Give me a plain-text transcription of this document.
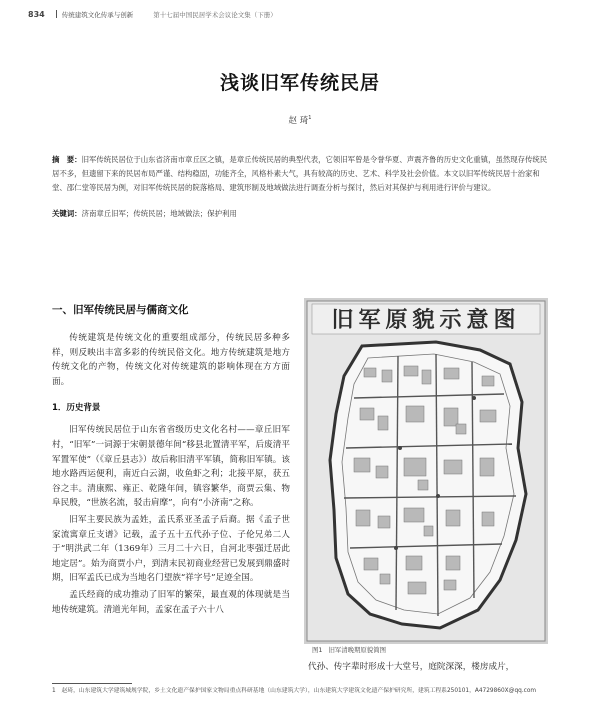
834	传统建筑文化传承与创新	第十七届中国民居学术会议论文集（下册）
浅谈旧军传统民居
赵 琦$^1$
摘　要：旧军传统民居位于山东省济南市章丘区之镇，是章丘传统民居的典型代表，它领旧军曾是令誉华夏、声震齐鲁的历史文化重镇，虽然现存传统民居不多，但遗留下来的民居布局严谨、结构稳固，功能齐全，风格朴素大气，具有较高的历史、艺术、科学及社会价值。本文以旧军传统民居十治家和堂、邵仁堂等民居为例，对旧军传统民居的院落格局、建筑形制及地域做法进行调查分析与探讨，然后对其保护与利用进行评价与建议。
关键词：济南章丘旧军；传统民居；地域做法；保护利用
一、旧军传统民居与儒商文化

传统建筑是传统文化的重要组成部分，传统民居多种多样，则反映出丰富多彩的传统民俗文化。地方传统建筑是地方传统文化的产物，传统文化对传统建筑的影响体现在方方面面。

1．历史背景

旧军传统民居位于山东省省级历史文化名村——章丘旧军村，“旧军”一词源于宋朝景德年间“移县北置清平军，后废清平军置军使”（《章丘县志》）故后称旧清平军镇，简称旧军镇。该地水路西运便利，南近白云湖，收鱼虾之利；北接平原，获五谷之丰。清康熙、雍正、乾隆年间，镇容繁华，商贾云集、物阜民殷，“世族名流，驳击肩摩”，向有“小济南”之称。

旧军主要民族为孟姓，孟氏系亚圣孟子后裔。据《孟子世家流寓章丘支谱》记载，孟子五十五代孙子位、子伦兄弟二人于“明洪武二年（1369年）三月二十六日，自河北枣强迁居此地定居”。始为商贾小户，到清末民初商业经营已发展到鼎盛时期，旧军孟氏已成为当地名门望族“祥字号”足迹全国。

孟氏经商的成功推动了旧军的繁荣，最直观的体现就是当地传统建筑。清道光年间，孟家在孟子六十八

旧军原貌示意图
图1 旧军清晚期原貌简图
代孙、传字辈时形成十大堂号，庭院深深，楼房成片，
1　赵琦，山东建筑大学建筑城规学院，乡土文化遗产保护国家文物局重点科研基地（山东建筑大学），山东建筑大学建筑文化遗产保护研究所，建筑工程系250101，A4729860X@qq.com
